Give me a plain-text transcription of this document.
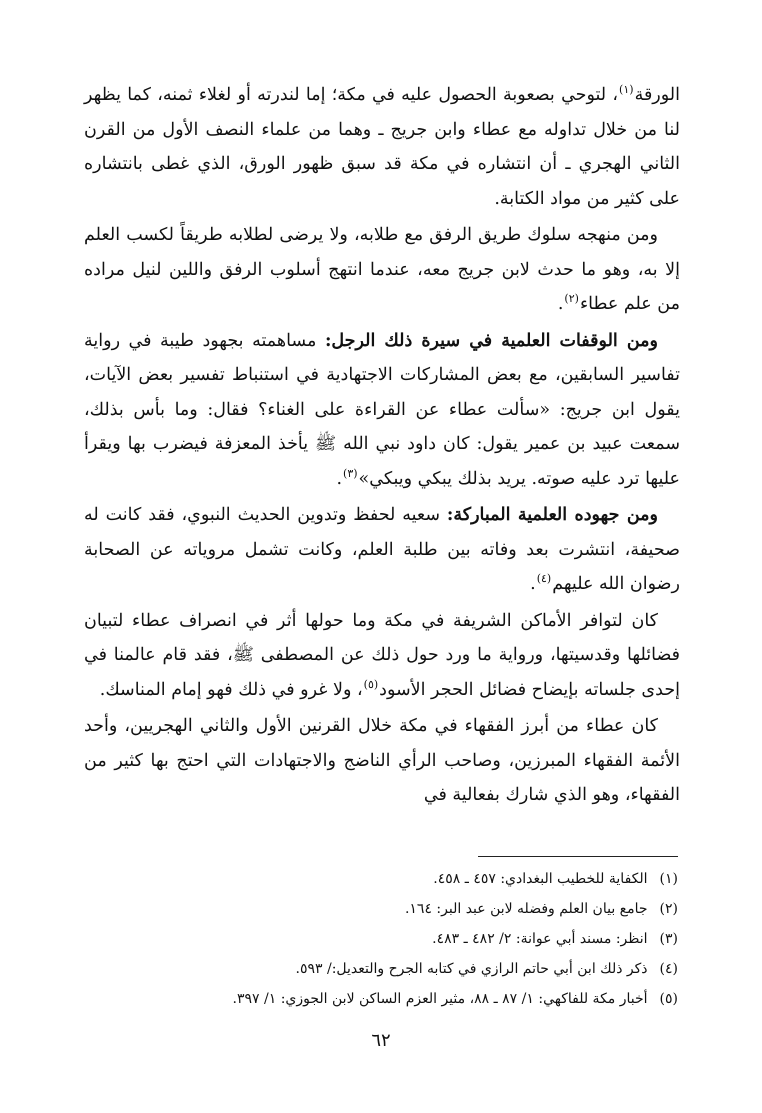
الورقة$^{(١)}$، لتوحي بصعوبة الحصول عليه في مكة؛ إما لندرته أو لغلاء ثمنه، كما يظهر لنا من خلال تداوله مع عطاء وابن جريج ـ وهما من علماء النصف الأول من القرن الثاني الهجري ـ أن انتشاره في مكة قد سبق ظهور الورق، الذي غطى بانتشاره على كثير من مواد الكتابة.

ومن منهجه سلوك طريق الرفق مع طلابه، ولا يرضى لطلابه طريقاً لكسب العلم إلا به، وهو ما حدث لابن جريج معه، عندما انتهج أسلوب الرفق واللين لنيل مراده من علم عطاء$^{(٢)}$.

ومن الوقفات العلمية في سيرة ذلك الرجل: مساهمته بجهود طيبة في رواية تفاسير السابقين، مع بعض المشاركات الاجتهادية في استنباط تفسير بعض الآيات، يقول ابن جريج: «سألت عطاء عن القراءة على الغناء؟ فقال: وما بأس بذلك، سمعت عبيد بن عمير يقول: كان داود نبي الله ﷺ يأخذ المعزفة فيضرب بها ويقرأ عليها ترد عليه صوته. يريد بذلك يبكي ويبكي»$^{(٣)}$.

ومن جهوده العلمية المباركة: سعيه لحفظ وتدوين الحديث النبوي، فقد كانت له صحيفة، انتشرت بعد وفاته بين طلبة العلم، وكانت تشمل مروياته عن الصحابة رضوان الله عليهم$^{(٤)}$.

كان لتوافر الأماكن الشريفة في مكة وما حولها أثر في انصراف عطاء لتبيان فضائلها وقدسيتها، ورواية ما ورد حول ذلك عن المصطفى ﷺ، فقد قام عالمنا في إحدى جلساته بإيضاح فضائل الحجر الأسود$^{(٥)}$، ولا غرو في ذلك فهو إمام المناسك.

كان عطاء من أبرز الفقهاء في مكة خلال القرنين الأول والثاني الهجريين، وأحد الأئمة الفقهاء المبرزين، وصاحب الرأي الناضج والاجتهادات التي احتج بها كثير من الفقهاء، وهو الذي شارك بفعالية في

(١) الكفاية للخطيب البغدادي: ٤٥٧ ـ ٤٥٨.

(٢) جامع بيان العلم وفضله لابن عبد البر: ١٦٤.

(٣) انظر: مسند أبي عوانة: ٢/ ٤٨٢ ـ ٤٨٣.

(٤) ذكر ذلك ابن أبي حاتم الرازي في كتابه الجرح والتعديل:/ ٥٩٣.

(٥) أخبار مكة للفاكهي: ١/ ٨٧ ـ ٨٨، مثير العزم الساكن لابن الجوزي: ١/ ٣٩٧.

٦٢
